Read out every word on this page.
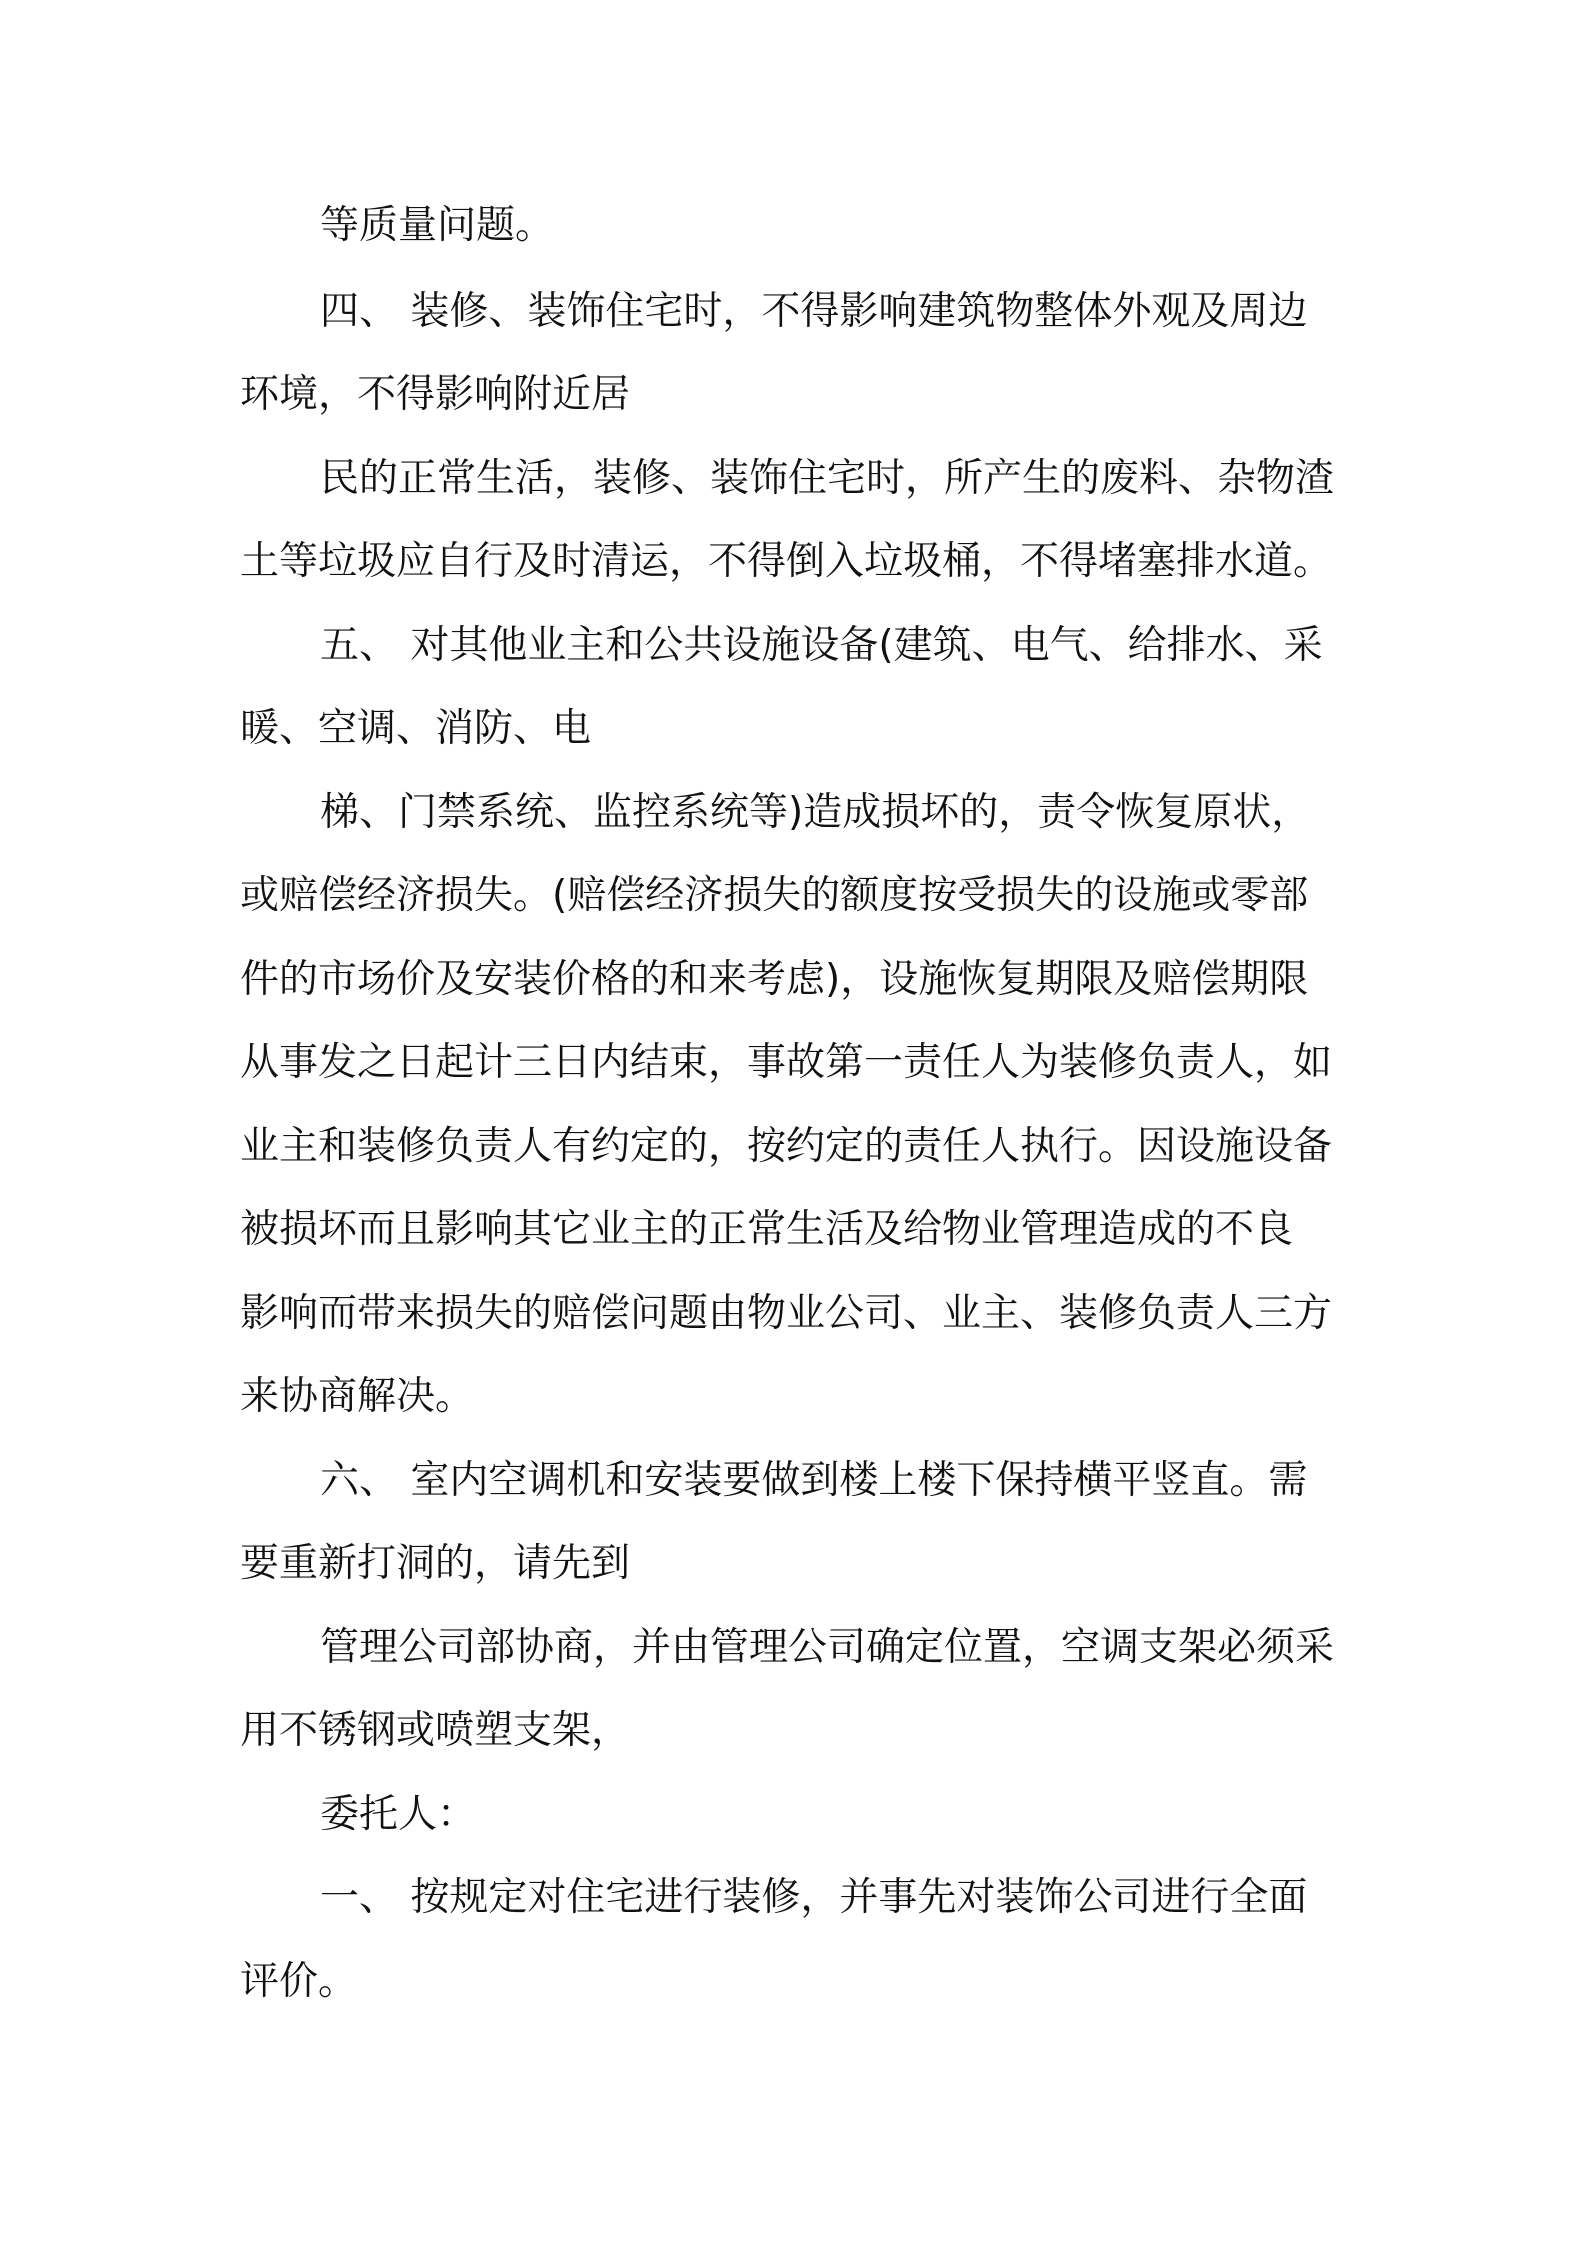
等质量问题。
四、 装修、装饰住宅时，不得影响建筑物整体外观及周边
环境，不得影响附近居
民的正常生活，装修、装饰住宅时，所产生的废料、杂物渣
土等垃圾应自行及时清运，不得倒入垃圾桶，不得堵塞排水道。
五、 对其他业主和公共设施设备(建筑、电气、给排水、采
暖、空调、消防、电
梯、门禁系统、监控系统等)造成损坏的，责令恢复原状，
或赔偿经济损失。(赔偿经济损失的额度按受损失的设施或零部
件的市场价及安装价格的和来考虑)，设施恢复期限及赔偿期限
从事发之日起计三日内结束，事故第一责任人为装修负责人，如
业主和装修负责人有约定的，按约定的责任人执行。因设施设备
被损坏而且影响其它业主的正常生活及给物业管理造成的不良
影响而带来损失的赔偿问题由物业公司、业主、装修负责人三方
来协商解决。
六、 室内空调机和安装要做到楼上楼下保持横平竖直。需
要重新打洞的，请先到
管理公司部协商，并由管理公司确定位置，空调支架必须采
用不锈钢或喷塑支架，
委托人：
一、 按规定对住宅进行装修，并事先对装饰公司进行全面
评价。
